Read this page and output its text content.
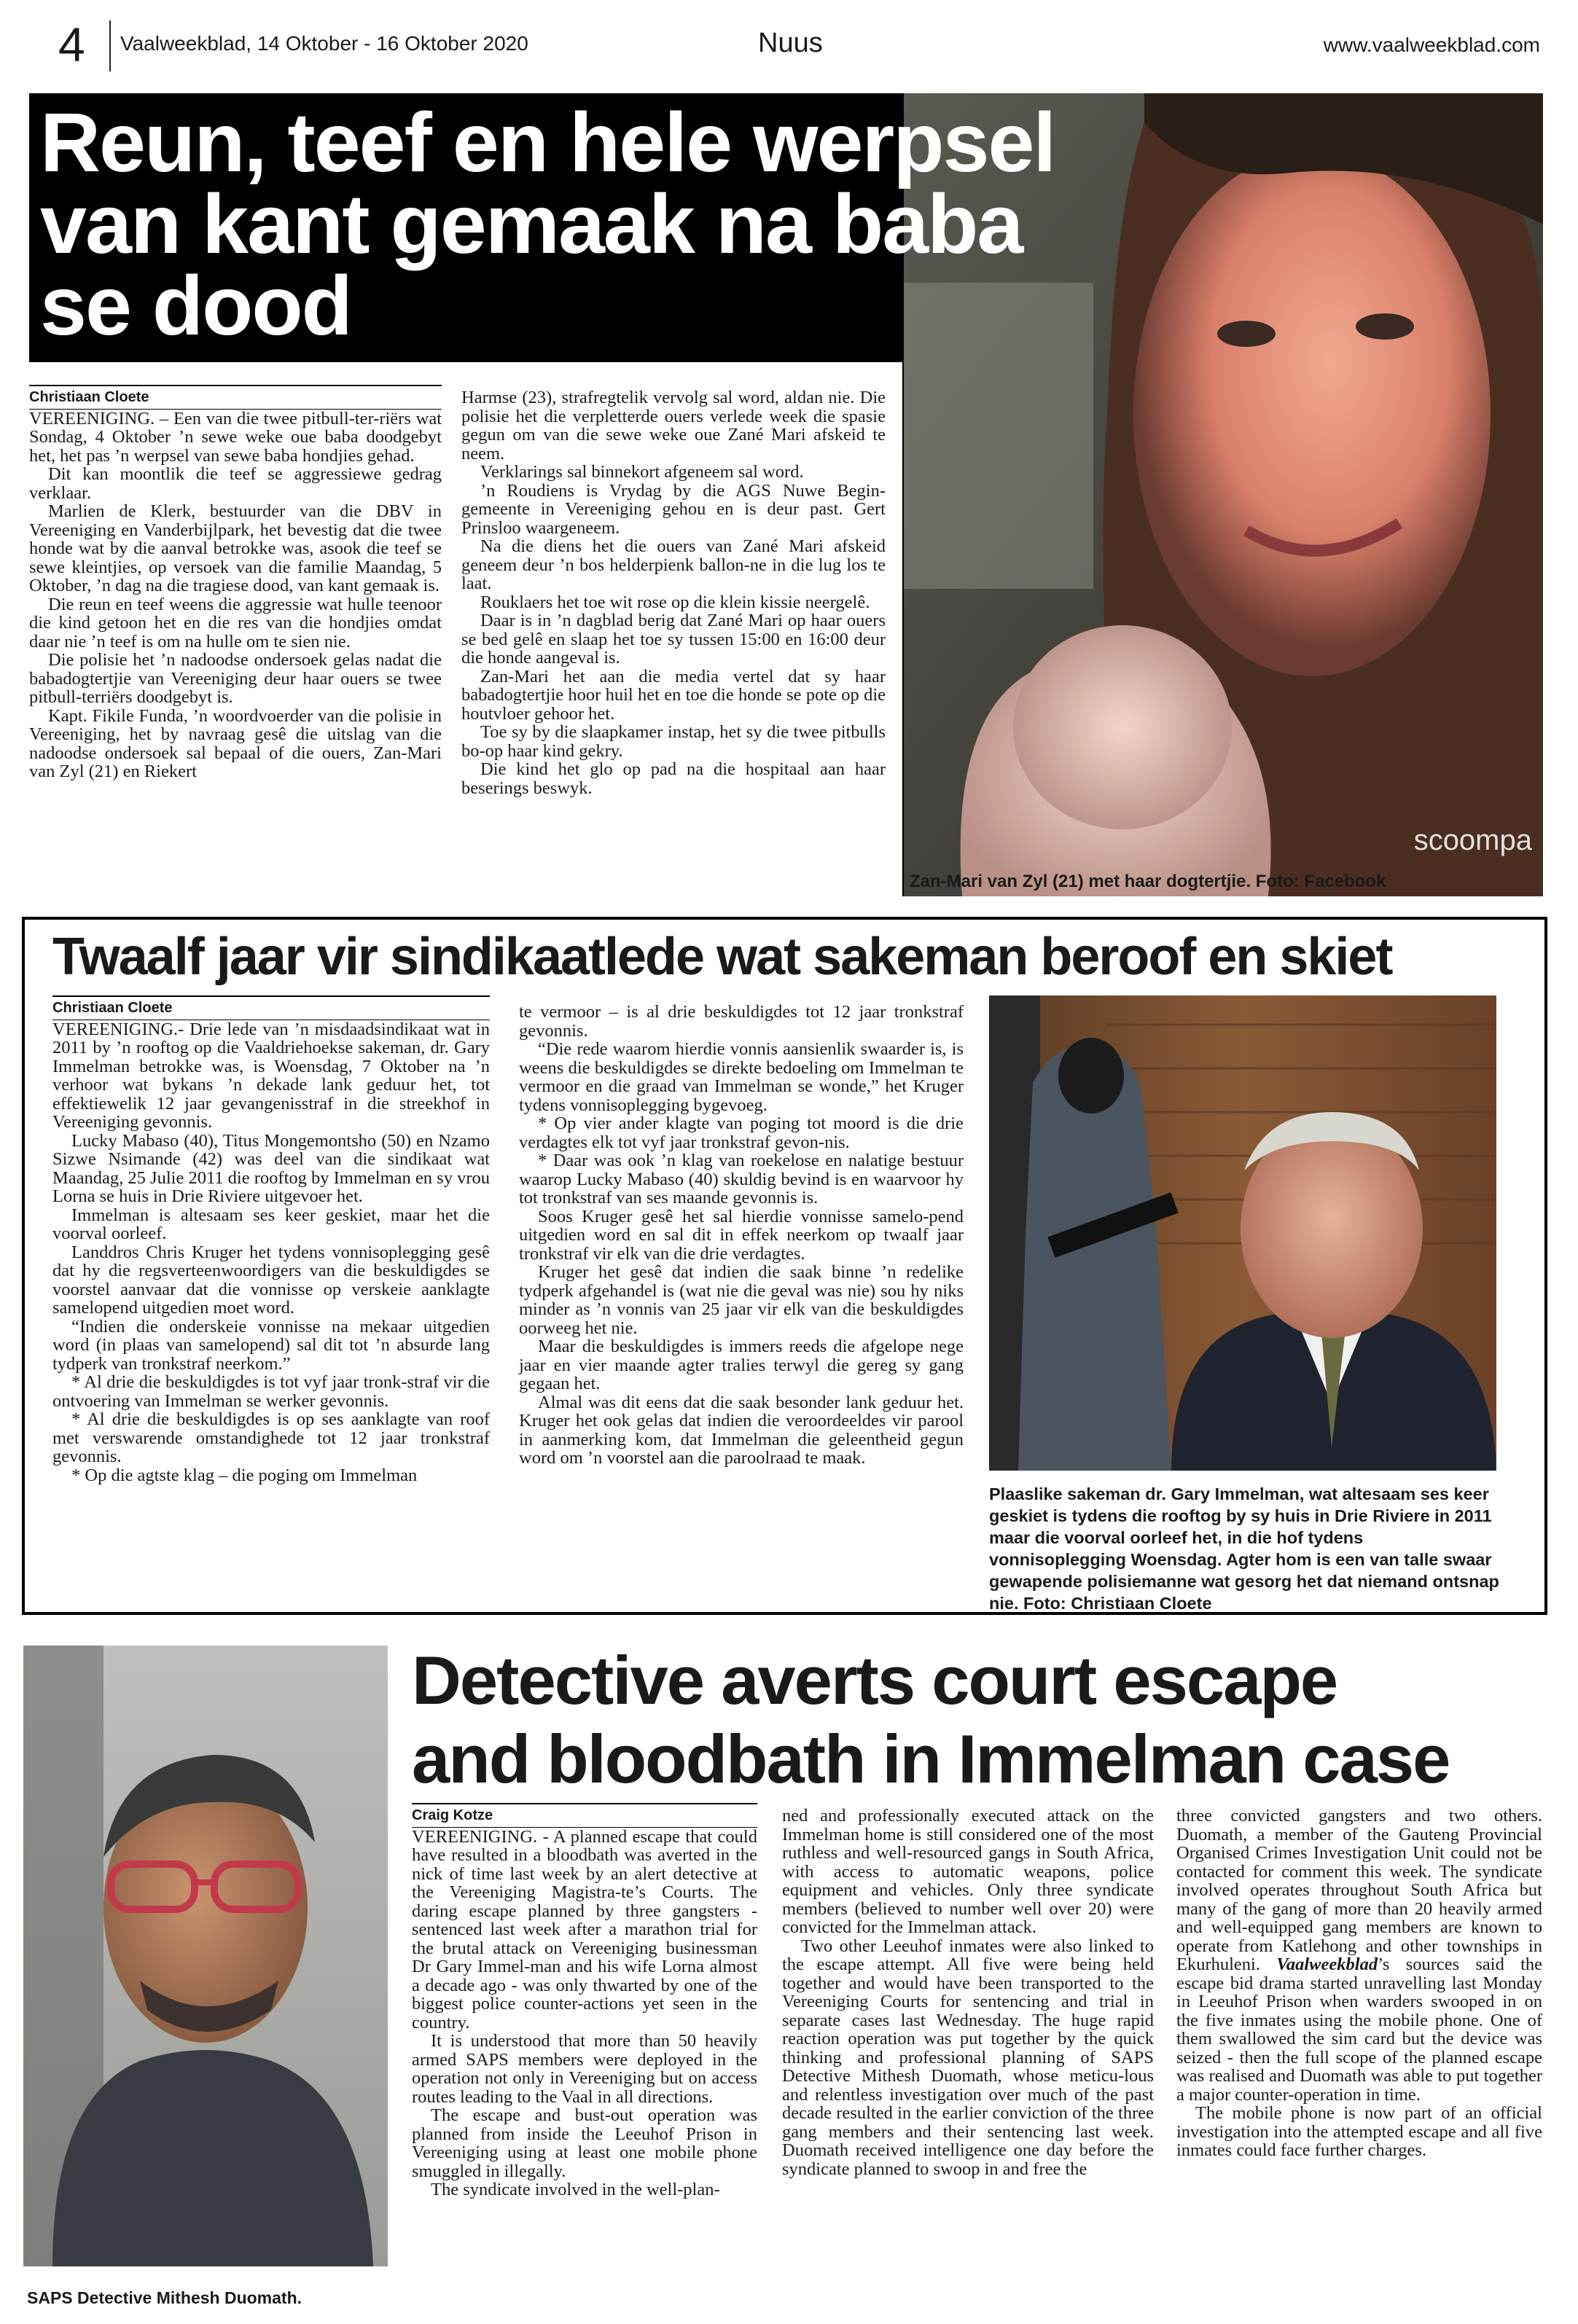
4 Vaalweekblad, 14 Oktober - 16 Oktober 2020	Nuus	www.vaalweekblad.com
scoompa
Reun, teef en hele werpsel
van kant gemaak na baba
se dood
Christiaan Cloete

VEREENIGING. – Een van die twee pitbull-ter-riërs wat Sondag, 4 Oktober ’n sewe weke oue baba doodgebyt het, het pas ’n werpsel van sewe baba hondjies gehad.

Dit kan moontlik die teef se aggressiewe gedrag verklaar.

Marlien de Klerk, bestuurder van die DBV in Vereeniging en Vanderbijlpark, het bevestig dat die twee honde wat by die aanval betrokke was, asook die teef se sewe kleintjies, op versoek van die familie Maandag, 5 Oktober, ’n dag na die tragiese dood, van kant gemaak is.

Die reun en teef weens die aggressie wat hulle teenoor die kind getoon het en die res van die hondjies omdat daar nie ’n teef is om na hulle om te sien nie.

Die polisie het ’n nadoodse ondersoek gelas nadat die babadogtertjie van Vereeniging deur haar ouers se twee pitbull-terriërs doodgebyt is.

Kapt. Fikile Funda, ’n woordvoerder van die polisie in Vereeniging, het by navraag gesê die uitslag van die nadoodse ondersoek sal bepaal of die ouers, Zan-Mari van Zyl (21) en Riekert

Harmse (23), strafregtelik vervolg sal word, aldan nie. Die polisie het die verpletterde ouers verlede week die spasie gegun om van die sewe weke oue Zané Mari afskeid te neem.

Verklarings sal binnekort afgeneem sal word.

’n Roudiens is Vrydag by die AGS Nuwe Begin-gemeente in Vereeniging gehou en is deur past. Gert Prinsloo waargeneem.

Na die diens het die ouers van Zané Mari afskeid geneem deur ’n bos helderpienk ballon-ne in die lug los te laat.

Rouklaers het toe wit rose op die klein kissie neergelê.

Daar is in ’n dagblad berig dat Zané Mari op haar ouers se bed gelê en slaap het toe sy tussen 15:00 en 16:00 deur die honde aangeval is.

Zan-Mari het aan die media vertel dat sy haar babadogtertjie hoor huil het en toe die honde se pote op die houtvloer gehoor het.

Toe sy by die slaapkamer instap, het sy die twee pitbulls bo-op haar kind gekry.

Die kind het glo op pad na die hospitaal aan haar beserings beswyk.

Zan-Mari van Zyl (21) met haar dogtertjie. Foto: Facebook
Twaalf jaar vir sindikaatlede wat sakeman beroof en skiet
Christiaan Cloete

VEREENIGING.- Drie lede van ’n misdaadsindikaat wat in 2011 by ’n rooftog op die Vaaldriehoekse sakeman, dr. Gary Immelman betrokke was, is Woensdag, 7 Oktober na ’n verhoor wat bykans ’n dekade lank geduur het, tot effektiewelik 12 jaar gevangenisstraf in die streekhof in Vereeniging gevonnis.

Lucky Mabaso (40), Titus Mongemontsho (50) en Nzamo Sizwe Nsimande (42) was deel van die sindikaat wat Maandag, 25 Julie 2011 die rooftog by Immelman en sy vrou Lorna se huis in Drie Riviere uitgevoer het.

Immelman is altesaam ses keer geskiet, maar het die voorval oorleef.

Landdros Chris Kruger het tydens vonnisoplegging gesê dat hy die regsverteenwoordigers van die beskuldigdes se voorstel aanvaar dat die vonnisse op verskeie aanklagte samelopend uitgedien moet word.

“Indien die onderskeie vonnisse na mekaar uitgedien word (in plaas van samelopend) sal dit tot ’n absurde lang tydperk van tronkstraf neerkom.”

* Al drie die beskuldigdes is tot vyf jaar tronk-straf vir die ontvoering van Immelman se werker gevonnis.

* Al drie die beskuldigdes is op ses aanklagte van roof met verswarende omstandighede tot 12 jaar tronkstraf gevonnis.

* Op die agtste klag – die poging om Immelman

te vermoor – is al drie beskuldigdes tot 12 jaar tronkstraf gevonnis.

“Die rede waarom hierdie vonnis aansienlik swaarder is, is weens die beskuldigdes se direkte bedoeling om Immelman te vermoor en die graad van Immelman se wonde,” het Kruger tydens vonnisoplegging bygevoeg.

* Op vier ander klagte van poging tot moord is die drie verdagtes elk tot vyf jaar tronkstraf gevon-nis.

* Daar was ook ’n klag van roekelose en nalatige bestuur waarop Lucky Mabaso (40) skuldig bevind is en waarvoor hy tot tronkstraf van ses maande gevonnis is.

Soos Kruger gesê het sal hierdie vonnisse samelo-pend uitgedien word en sal dit in effek neerkom op twaalf jaar tronkstraf vir elk van die drie verdagtes.

Kruger het gesê dat indien die saak binne ’n redelike tydperk afgehandel is (wat nie die geval was nie) sou hy niks minder as ’n vonnis van 25 jaar vir elk van die beskuldigdes oorweeg het nie.

Maar die beskuldigdes is immers reeds die afgelope nege jaar en vier maande agter tralies terwyl die gereg sy gang gegaan het.

Almal was dit eens dat die saak besonder lank geduur het. Kruger het ook gelas dat indien die veroordeeldes vir parool in aanmerking kom, dat Immelman die geleentheid gegun word om ’n voorstel aan die paroolraad te maak.

Plaaslike sakeman dr. Gary Immelman, wat altesaam ses keer geskiet is tydens die rooftog by sy huis in Drie Riviere in 2011 maar die voorval oorleef het, in die hof tydens vonnisoplegging Woensdag. Agter hom is een van talle swaar gewapende polisiemanne wat gesorg het dat niemand ontsnap nie. Foto: Christiaan Cloete
SAPS Detective Mithesh Duomath.
Detective averts court escape
and bloodbath in Immelman case
Craig Kotze

VEREENIGING. - A planned escape that could have resulted in a bloodbath was averted in the nick of time last week by an alert detective at the Vereeniging Magistra-te’s Courts. The daring escape planned by three gangsters - sentenced last week after a marathon trial for the brutal attack on Vereeniging businessman Dr Gary Immel-man and his wife Lorna almost a decade ago - was only thwarted by one of the biggest police counter-actions yet seen in the country.

It is understood that more than 50 heavily armed SAPS members were deployed in the operation not only in Vereeniging but on access routes leading to the Vaal in all directions.

The escape and bust-out operation was planned from inside the Leeuhof Prison in Vereeniging using at least one mobile phone smuggled in illegally.

The syndicate involved in the well-plan-

ned and professionally executed attack on the Immelman home is still considered one of the most ruthless and well-resourced gangs in South Africa, with access to automatic weapons, police equipment and vehicles. Only three syndicate members (believed to number well over 20) were convicted for the Immelman attack.

Two other Leeuhof inmates were also linked to the escape attempt. All five were being held together and would have been transported to the Vereeniging Courts for sentencing and trial in separate cases last Wednesday. The huge rapid reaction operation was put together by the quick thinking and professional planning of SAPS Detective Mithesh Duomath, whose meticu-lous and relentless investigation over much of the past decade resulted in the earlier conviction of the three gang members and their sentencing last week. Duomath received intelligence one day before the syndicate planned to swoop in and free the

three convicted gangsters and two others. Duomath, a member of the Gauteng Provincial Organised Crimes Investigation Unit could not be contacted for comment this week. The syndicate involved operates throughout South Africa but many of the gang of more than 20 heavily armed and well-equipped gang members are known to operate from Katlehong and other townships in Ekurhuleni. Vaalweekblad’s sources said the escape bid drama started unravelling last Monday in Leeuhof Prison when warders swooped in on the five inmates using the mobile phone. One of them swallowed the sim card but the device was seized - then the full scope of the planned escape was realised and Duomath was able to put together a major counter-operation in time.

The mobile phone is now part of an official investigation into the attempted escape and all five inmates could face further charges.
